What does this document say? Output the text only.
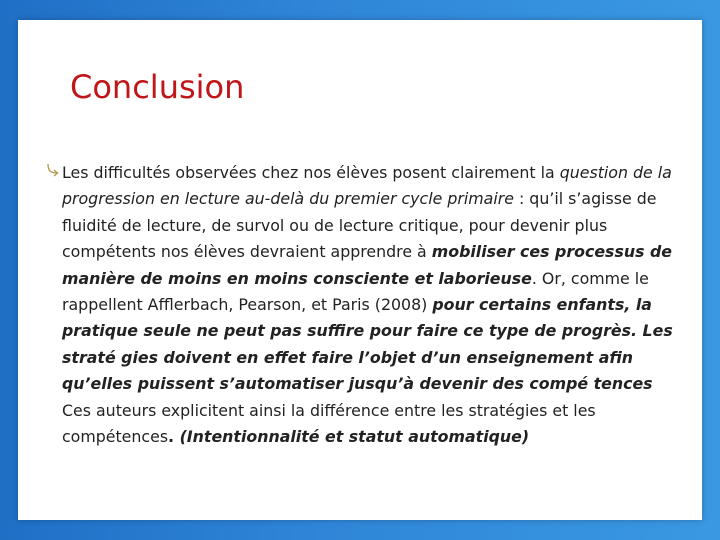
Conclusion

Les difficultés observées chez nos élèves posent clairement la question de la progression en lecture au-delà du premier cycle primaire : qu’il s’agisse de fluidité de lecture, de survol ou de lecture critique, pour devenir plus compétents nos élèves devraient apprendre à mobiliser ces processus de manière de moins en moins consciente et laborieuse. Or, comme le rappellent Afflerbach, Pearson, et Paris (2008) pour certains enfants, la pratique seule ne peut pas suffire pour faire ce type de progrès. Les straté gies doivent en effet faire l’objet d’un enseignement afin qu’elles puissent s’automatiser jusqu’à devenir des compé tences Ces auteurs explicitent ainsi la différence entre les stratégies et les compétences. (Intentionnalité et statut automatique)
